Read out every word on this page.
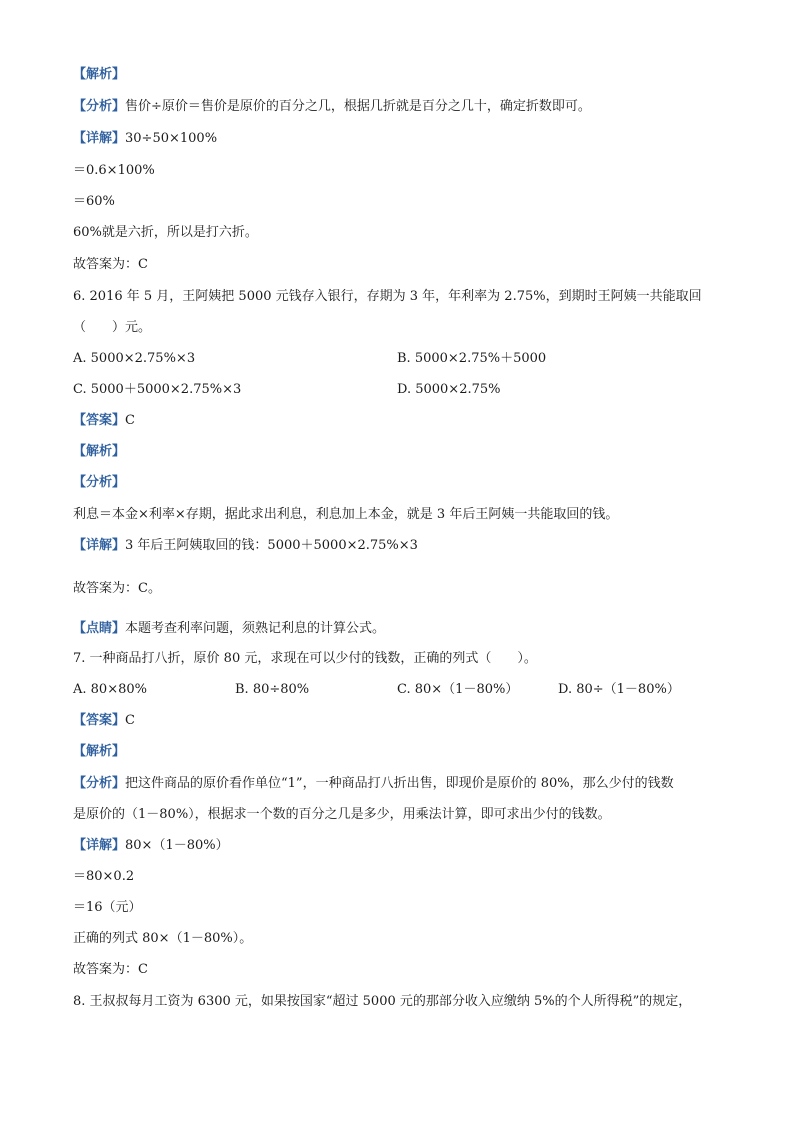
【解析】
【分析】售价÷原价＝售价是原价的百分之几，根据几折就是百分之几十，确定折数即可。
【详解】30÷50×100%
＝0.6×100%
＝60%
60%就是六折，所以是打六折。
故答案为：C
6. 2016 年 5 月，王阿姨把 5000 元钱存入银行，存期为 3 年，年利率为 2.75%，到期时王阿姨一共能取回
（　　）元。
A. 5000×2.75%×3	B. 5000×2.75%＋5000
C. 5000＋5000×2.75%×3	D. 5000×2.75%
【答案】C
【解析】
【分析】
利息＝本金×利率×存期，据此求出利息，利息加上本金，就是 3 年后王阿姨一共能取回的钱。
【详解】3 年后王阿姨取回的钱：5000＋5000×2.75%×3
故答案为：C。
【点睛】本题考查利率问题，须熟记利息的计算公式。
7. 一种商品打八折，原价 80 元，求现在可以少付的钱数，正确的列式（　　）。
A. 80×80%	B. 80÷80%	C. 80×（1－80%）	D. 80÷（1－80%）
【答案】C
【解析】
【分析】把这件商品的原价看作单位“1”，一种商品打八折出售，即现价是原价的 80%，那么少付的钱数
是原价的（1－80%），根据求一个数的百分之几是多少，用乘法计算，即可求出少付的钱数。
【详解】80×（1－80%）
＝80×0.2
＝16（元）
正确的列式 80×（1－80%）。
故答案为：C
8. 王叔叔每月工资为 6300 元，如果按国家“超过 5000 元的那部分收入应缴纳 5%的个人所得税”的规定，
